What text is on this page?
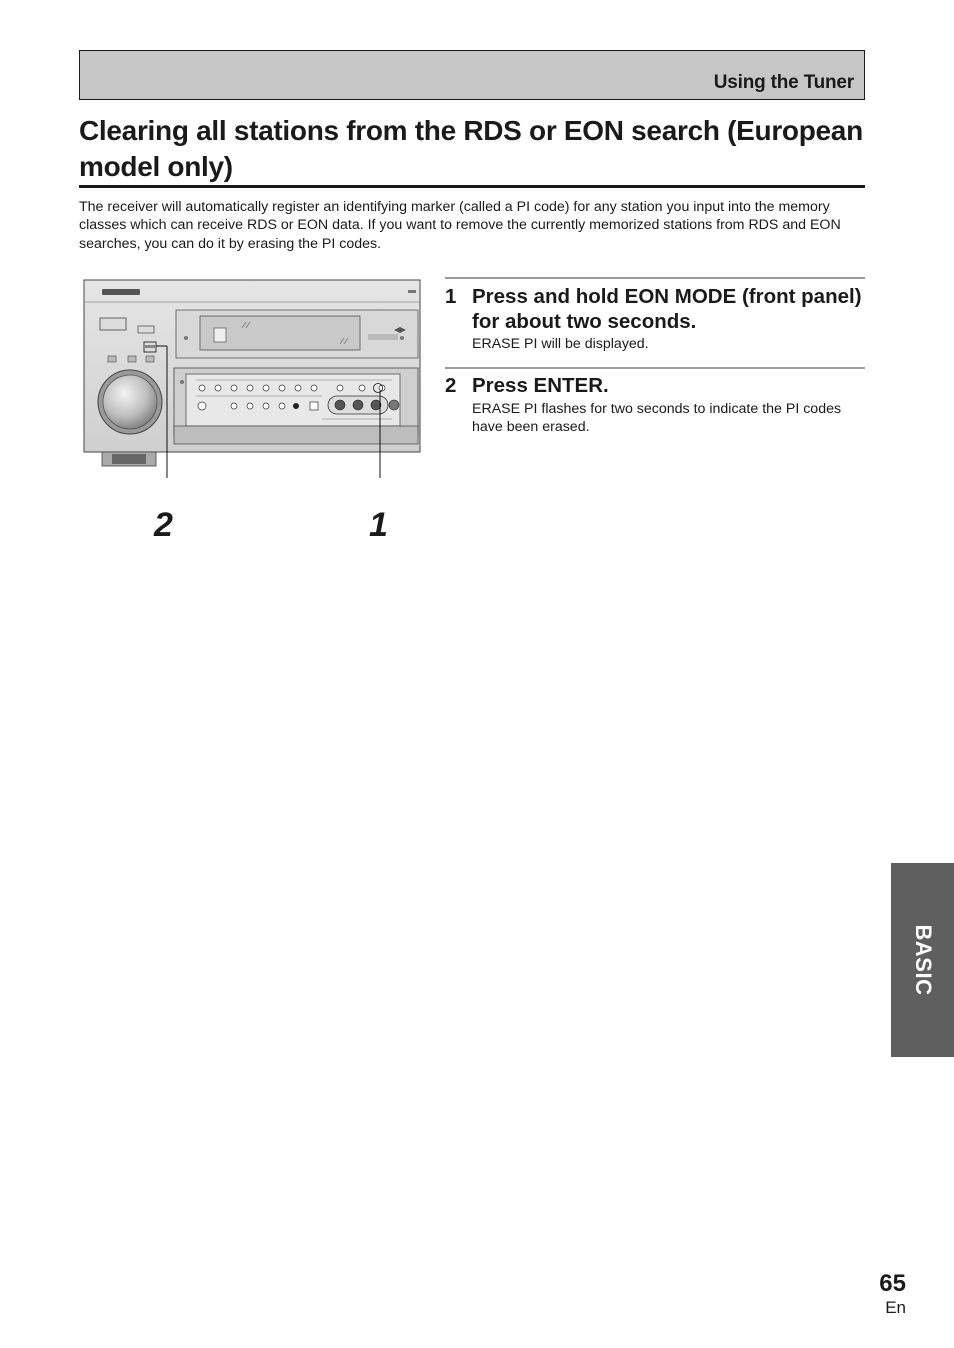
Using the Tuner
Clearing all stations from the RDS or EON search (European model only)

The receiver will automatically register an identifying marker (called a PI code) for any station you input into the memory classes which can receive RDS or EON data. If you want to remove the currently memorized stations from RDS and EON searches, you can do it by erasing the PI codes.

2	1
1 Press and hold EON MODE (front panel) for about two seconds.

ERASE PI will be displayed.

2 Press ENTER.

ERASE PI flashes for two seconds to indicate the PI codes have been erased.

BASIC
65
En
